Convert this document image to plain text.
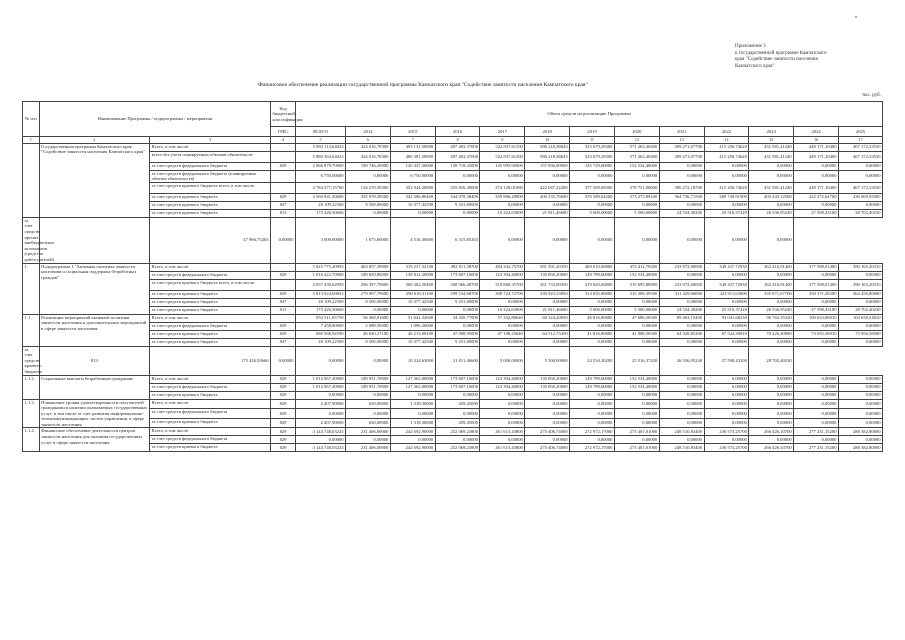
Приложение 3
к государственной программе Камчатского
края "Содействие занятости населения
Камчатского края"
Финансовое обеспечение реализации государственной программы Камчатского края "Содействие занятости населения Камчатского края"
тыс. руб.
№ п/п	Наименование Программы / подпрограммы / мероприятия		Код бюджетной классификации	Объем средств на реализацию Программы												
			ГРБС	ВСЕГО	2014	2015	2016	2017	2018	2019	2020	2021	2022	2023	2024	2025
1	2	3	4	5	6	7	8	9	10	11	12	13	14	15	16	17
	Государственная программа Камчатского края "Содействие занятости населения Камчатского края"	Всего, в том числе:		5 883 113,64023	324 016,78300	493 131,58900	497 403,37000	522 837,61100	586 218,38643	525 679,29300	571 263,40400	399 271,07700	415 256,74620	431 581,41240	449 171,10400	467 172,33530
		всего без учета планируемых объемов обязательств		5 880 363,64023	324 016,78300	486 381,58900	497 403,37000	522 837,61100	586 218,38643	525 679,29300	571 263,40400	399 271,07700	415 256,74620	431 581,41240	449 171,10400	467 172,33530
		за счет средств федерального бюджета	829	2 066 879,70000	189 746,20000	120 437,30000	139 718,25000	145 995,90000	157 836,00000	145 729,60000	152 534,40000	0,00000	0,00000	0,00000	0,00000	0,00000
		за счет средств федерального бюджета (планируемые объемы обязательств)		6 750,00000	0,00000	6 750,00000	0,00000	0,00000	0,00000	0,00000	0,00000	0,00000	0,00000	0,00000	0,00000	0,00000
		за счет средств краевого бюджета всего, в том числе:		4 784 377,15760	134 270,58300	352 944,28900	355 816,30000	374 129,01960	422 047,22200	377 509,69300	378 751,00000	390 272,18700	415 256,74620	431 581,41240	449 171,10400	467 172,33530
		за счет средств краевого бюджета	829	4 560 841,30600	335 978,38500	342 586,86400	344 078,38400	359 886,28900	400 235,76600	370 589,64200	373 273,89100	364 736,71500	389 749,91900	403 243,12500	422 272,64700	436 069,95000
		за счет средств краевого бюджета	847	28 109,22500	8 500,00000	10 377,42500	9 431,80000	0,00000	0,00000	0,00000	0,00000	0,00000	0,00000	0,00000	0,00000	0,00000
		за счет средств краевого бюджета	813	175 426,50660	0,00000	0,00000	0,00000	10 224,63000	21 811,46600	5 000,00000	5 500,00000	24 534,30200	25 516,37420	26 536,95240	27 598,43100	28 702,40230
за счет средств прочих внебюджетных источников (средства работодателей)		47 966,75263	0,00000	3 000,00000	1 675,00000	4 516,30600	6 315,85263	0,00000	0,00000	0,00000	0,00000	0,00000	0,00000	0,00000		
1.	Подпрограмма 1 "Активная политика занятости населения и социальная поддержка безработных граждан"	Всего, в том числе:		5 825 775,40993	463 857,39000	319 237,32100	492 811,38700	484 342,75700	581 591,20350	469 610,66800	472 412,79200	233 972,00000	349 437,72930	362 416,91400	377 598,01400	390 165,20310
		за счет средств федерального бюджета	829	1 016 422,70000	189 659,80000	138 812,20000	173 697,10000	123 394,40000	139 858,20000	149 789,60000	152 534,40000	0,00000	0,00000	0,00000	0,00000	0,00000
		за счет средств краевого бюджета всего, в том числе:		4 037 439,62993	296 397,79600	300 302,56400	308 966,48700	318 868,35700	361 733,00350	319 829,06800	319 695,80900	233 972,00000	349 437,72930	362 416,91400	377 598,01400	390 165,20310
		за счет средств краевого бюджета	829	3 813 924,69833	279 097,79600	290 618,31100	299 534,68700	308 723,72700	339 923,53850	314 835,86800	315 308,39500	311 429,66000	323 911,63000	335 871,67700	350 371,28200	364 456,80080
		за счет средств краевого бюджета	847	28 109,22500	8 500,00000	10 377,42500	9 431,80000	0,00000	0,00000	0,00000	0,00000	0,00000	0,00000	0,00000	0,00000	0,00000
		за счет средств краевого бюджета	813	175 426,50660	0,00000	0,00000	0,00000	10 224,63000	21 811,46600	5 000,00000	5 500,00000	24 534,30200	25 516,37420	26 536,95240	27 598,43100	28 702,40230
1.1.	Реализация мероприятий активной политики занятости населения и дополнительных мероприятий в сфере занятости населения	Всего, в том числе:		853 511,05750	56 369,01600	51 641,32600	34 435,77000	57 332,88640	60 324,20050	46 816,80800	47 686,56500	89 463,15400	93 041,68230	96 763,35320	100 633,68010	104 658,54810
		за счет средств федерального бюджета	829	7 458,80000	2 088,50000	1 096,20000	0,00000	0,00000	0,00000	0,00000	0,00000	0,00000	0,00000	0,00000	0,00000	0,00000
		за счет средств краевого бюджета	829	680 568,92590	46 040,27100	46 213,00100	47 008,95000	47 108,25640	64 512,73450	41 816,80800	41 988,56500	64 928,85200	67 524,30810	70 226,40080	73 035,36910	75 956,58580
		за счет средств краевого бюджета	847	28 109,22500	8 500,00000	10 377,42500	9 431,80000	0,00000	0,00000	0,00000	0,00000	0,00000	0,00000	0,00000	0,00000	0,00000
за счет средств краевого бюджета	813	175 426,50660	0,00000	0,00000	0,00000	10 224,63000	21 811,46600	5 000,00000	5 500,00000	24 534,30200	25 516,37420	26 536,95240	27 598,43100	28 702,40230		
1.1.2.	Социальные выплаты безработным гражданам	Всего, в том числе:	829	1 012 967,40000	189 951,70000	127 362,00000	173 697,10000	123 394,40000	139 858,20000	149 789,60000	152 534,40000	0,00000	0,00000	0,00000	0,00000	0,00000
		за счет средств федерального бюджета	829	1 012 967,40000	189 951,70000	127 362,00000	173 697,10000	123 394,40000	139 858,20000	149 789,60000	152 534,40000	0,00000	0,00000	0,00000	0,00000	0,00000
		за счет средств краевого бюджета	829	0,00000	0,00000	0,00000	0,00000	0,00000	0,00000	0,00000	0,00000	0,00000	0,00000	0,00000	0,00000	0,00000
1.1.3.	Повышение уровня удовлетворенности получателей гражданами в наличии оказываемых государственных услуг, в том числе за счет развития информационно-телекоммуникационных систем управления, в сфере занятости населения	Всего, в том числе:	829	2 407,90000	630,00000	1 318,30000	459,45000	0,00000	0,00000	0,00000	0,00000	0,00000	0,00000	0,00000	0,00000	0,00000
		за счет средств федерального бюджета	829	0,00000	0,00000	0,00000	0,00000	0,00000	0,00000	0,00000	0,00000	0,00000	0,00000	0,00000	0,00000	0,00000
		за счет средств краевого бюджета	829	2 407,90000	630,00000	1 318,30000	459,45000	0,00000	0,00000	0,00000	0,00000	0,00000	0,00000	0,00000	0,00000	0,00000
1.1.4.	Финансовое обеспечение деятельности центров занятости населения для оказания государственных услуг в сфере занятости населения	Всего, в том числе:	829	3 144 748,03243	231 406,00000	242 692,90000	252 069,23800	261 615,43800	275 406,74000	272 972,17000	273 401,01000	248 510,83400	256 573,25700	266 426,10700	277 251,15200	288 382,80000
		за счет средств федерального бюджета	829	0,00000	0,00000	0,00000	0,00000	0,00000	0,00000	0,00000	0,00000	0,00000	0,00000	0,00000	0,00000	0,00000
		за счет средств краевого бюджета	829	3 144 748,03243	231 406,00000	242 692,90000	252 069,23800	261 615,43800	275 406,74000	272 972,17000	273 401,01000	248 510,83400	256 573,25700	266 426,10700	277 251,15200	288 382,80000
